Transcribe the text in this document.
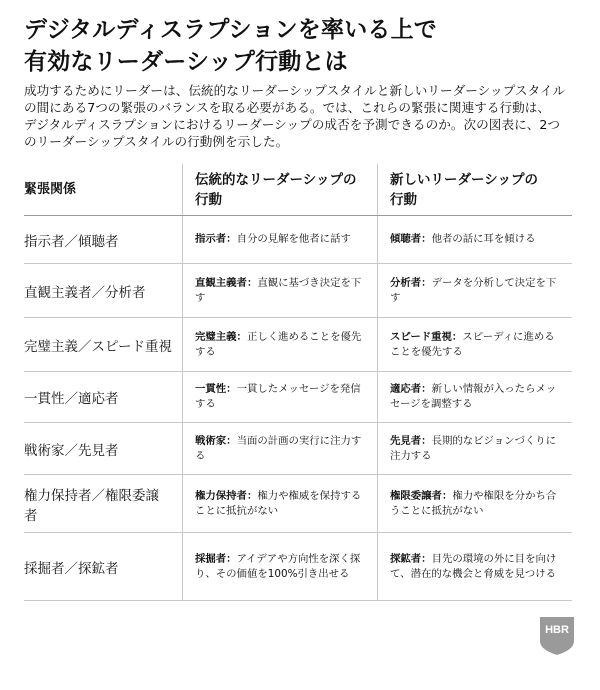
デジタルディスラプションを率いる上で
有効なリーダーシップ行動とは
成功するためにリーダーは、伝統的なリーダーシップスタイルと新しいリーダーシップスタイル
の間にある7つの緊張のバランスを取る必要がある。では、これらの緊張に関連する行動は、
デジタルディスラプションにおけるリーダーシップの成否を予測できるのか。次の図表に、2つ
のリーダーシップスタイルの行動例を示した。
緊張関係
伝統的なリーダーシップの
行動
新しいリーダーシップの
行動
指示者／傾聴者	指示者：自分の見解を他者に話す	傾聴者：他者の話に耳を傾ける
直観主義者／分析者
直観主義者：直観に基づき決定を下す
分析者：データを分析して決定を下す
完璧主義／スピード重視
完璧主義：正しく進めることを優先する
スピード重視：スピーディに進めることを優先する
一貫性／適応者
一貫性：一貫したメッセージを発信する
適応者：新しい情報が入ったらメッセージを調整する
戦術家／先見者
戦術家：当面の計画の実行に注力する
先見者：長期的なビジョンづくりに注力する
権力保持者／権限委譲者
権力保持者：権力や権威を保持することに抵抗がない
権限委譲者：権力や権限を分かち合うことに抵抗がない
採掘者／探鉱者
採掘者：アイデアや方向性を深く探り、その価値を100%引き出せる
探鉱者：目先の環境の外に目を向けて、潜在的な機会と脅威を見つける
HBR
